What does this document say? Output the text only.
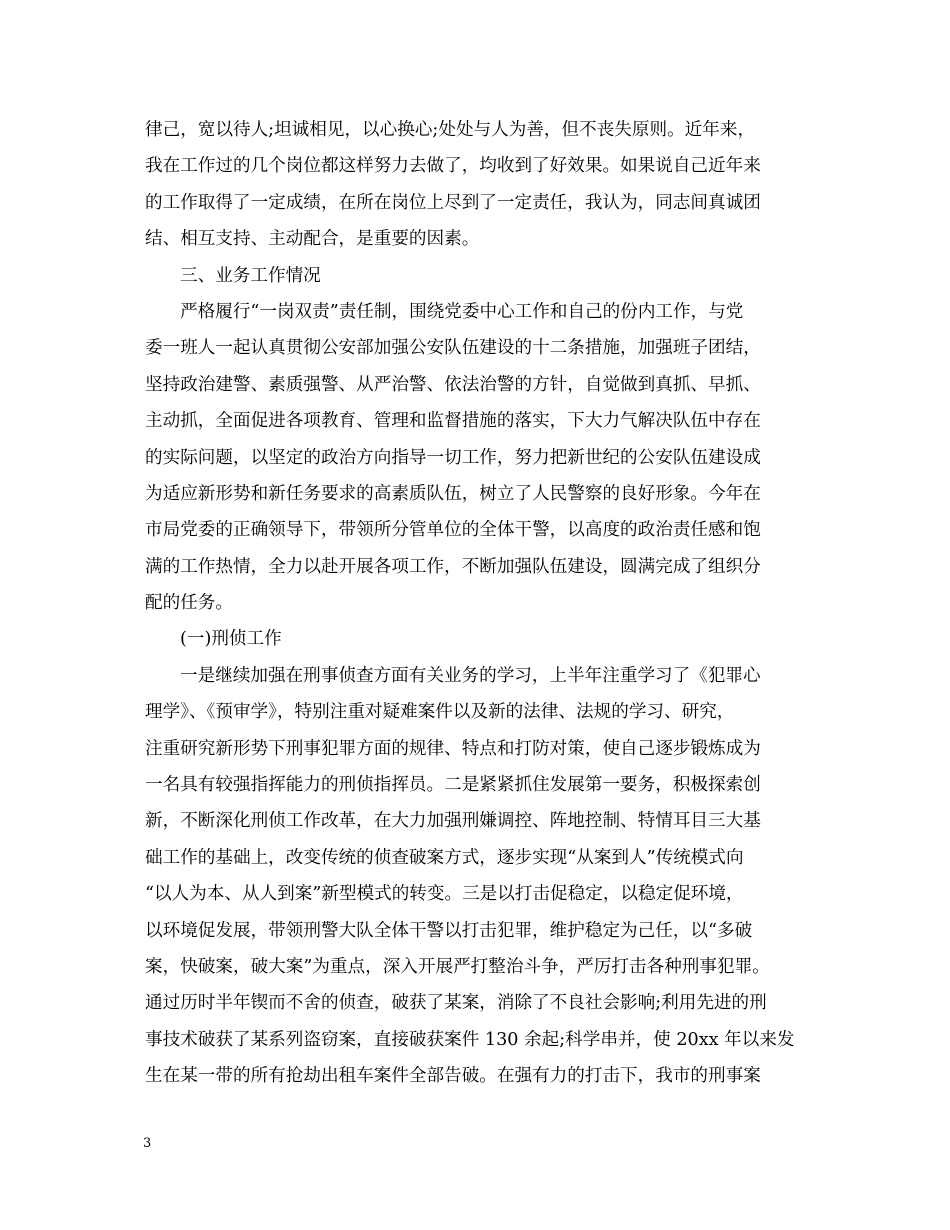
律己，宽以待人;坦诚相见，以心换心;处处与人为善，但不丧失原则。近年来，
我在工作过的几个岗位都这样努力去做了，均收到了好效果。如果说自己近年来
的工作取得了一定成绩，在所在岗位上尽到了一定责任，我认为，同志间真诚团
结、相互支持、主动配合，是重要的因素。
三、业务工作情况
严格履行“一岗双责”责任制，围绕党委中心工作和自己的份内工作，与党
委一班人一起认真贯彻公安部加强公安队伍建设的十二条措施，加强班子团结，
坚持政治建警、素质强警、从严治警、依法治警的方针，自觉做到真抓、早抓、
主动抓，全面促进各项教育、管理和监督措施的落实，下大力气解决队伍中存在
的实际问题，以坚定的政治方向指导一切工作，努力把新世纪的公安队伍建设成
为适应新形势和新任务要求的高素质队伍，树立了人民警察的良好形象。今年在
市局党委的正确领导下，带领所分管单位的全体干警，以高度的政治责任感和饱
满的工作热情，全力以赴开展各项工作，不断加强队伍建设，圆满完成了组织分
配的任务。
(一)刑侦工作
一是继续加强在刑事侦查方面有关业务的学习，上半年注重学习了《犯罪心
理学》、《预审学》，特别注重对疑难案件以及新的法律、法规的学习、研究，
注重研究新形势下刑事犯罪方面的规律、特点和打防对策，使自己逐步锻炼成为
一名具有较强指挥能力的刑侦指挥员。二是紧紧抓住发展第一要务，积极探索创
新，不断深化刑侦工作改革，在大力加强刑嫌调控、阵地控制、特情耳目三大基
础工作的基础上，改变传统的侦查破案方式，逐步实现“从案到人”传统模式向
“以人为本、从人到案”新型模式的转变。三是以打击促稳定，以稳定促环境，
以环境促发展，带领刑警大队全体干警以打击犯罪，维护稳定为己任，以“多破
案，快破案，破大案”为重点，深入开展严打整治斗争，严厉打击各种刑事犯罪。
通过历时半年锲而不舍的侦查，破获了某案，消除了不良社会影响;利用先进的刑
事技术破获了某系列盗窃案，直接破获案件 130 余起;科学串并，使 20xx 年以来发
生在某一带的所有抢劫出租车案件全部告破。在强有力的打击下，我市的刑事案
3
